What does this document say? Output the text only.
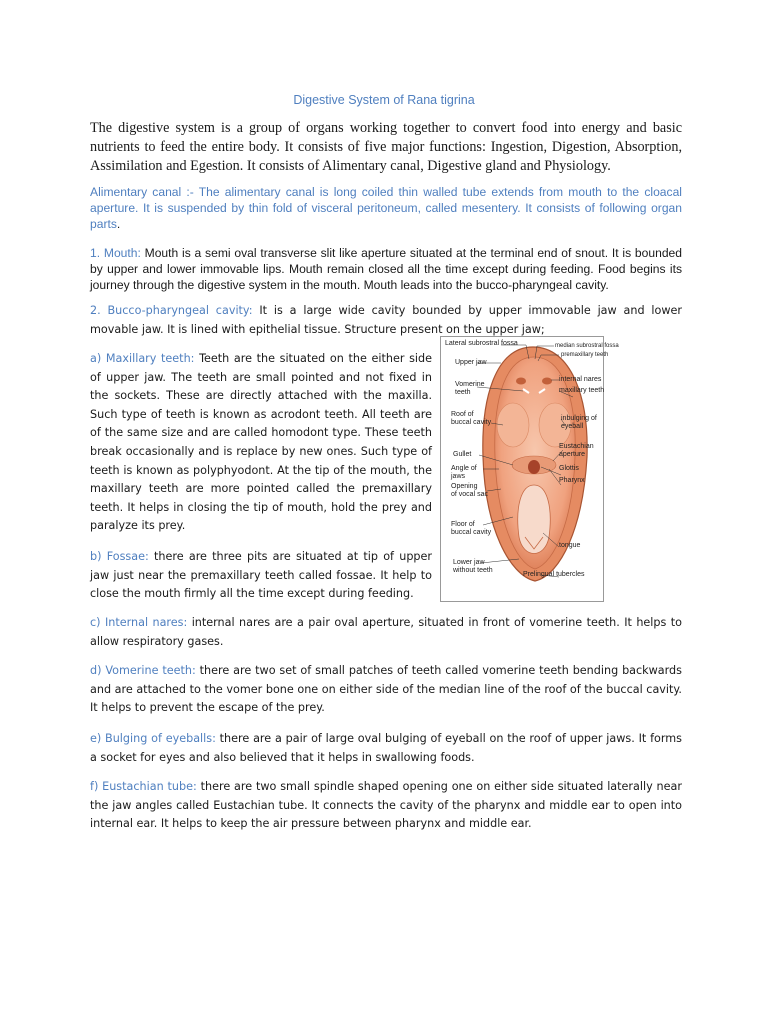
Digestive System of Rana tigrina

The digestive system is a group of organs working together to convert food into energy and basic nutrients to feed the entire body. It consists of five major functions: Ingestion, Digestion, Absorption, Assimilation and Egestion. It consists of Alimentary canal, Digestive gland and Physiology.

Alimentary canal :- The alimentary canal is long coiled thin walled tube extends from mouth to the cloacal aperture. It is suspended by thin fold of visceral peritoneum, called mesentery. It consists of following organ parts.

1. Mouth: Mouth is a semi oval transverse slit like aperture situated at the terminal end of snout. It is bounded by upper and lower immovable lips. Mouth remain closed all the time except during feeding. Food begins its journey through the digestive system in the mouth. Mouth leads into the bucco-pharyngeal cavity.

2. Bucco-pharyngeal cavity: It is a large wide cavity bounded by upper immovable jaw and lower movable jaw. It is lined with epithelial tissue. Structure present on the upper jaw;

a) Maxillary teeth: Teeth are the situated on the either side of upper jaw. The teeth are small pointed and not fixed in the sockets. These are directly attached with the maxilla. Such type of teeth is known as acrodont teeth. All teeth are of the same size and are called homodont type. These teeth break occasionally and is replace by new ones. Such type of teeth is known as polyphyodont. At the tip of the mouth, the maxillary teeth are more pointed called the premaxillary teeth. It helps in closing the tip of mouth, hold the prey and paralyze its prey.

b) Fossae: there are three pits are situated at tip of upper jaw just near the premaxillary teeth called fossae. It help to close the mouth firmly all the time except during feeding.

c) Internal nares: internal nares are a pair oval aperture, situated in front of vomerine teeth. It helps to allow respiratory gases.

d) Vomerine teeth: there are two set of small patches of teeth called vomerine teeth bending backwards and are attached to the vomer bone one on either side of the median line of the roof of the buccal cavity. It helps to prevent the escape of the prey.

e) Bulging of eyeballs: there are a pair of large oval bulging of eyeball on the roof of upper jaws. It forms a socket for eyes and also believed that it helps in swallowing foods.

f) Eustachian tube: there are two small spindle shaped opening one on either side situated laterally near the jaw angles called Eustachian tube. It connects the cavity of the pharynx and middle ear to open into internal ear. It helps to keep the air pressure between pharynx and middle ear.

Lateral subrostral fossa	median subrostral fossa
premaxillary teeth
Upper jaw
internal nares
Vomerine
teeth	maxillary teeth
Roof of
buccal cavity
inbulging of
eyeball
Gullet
Eustachian
aperture
Angle of
jaws
Glottis
Pharynx
Opening
of vocal sac
Floor of
buccal cavity
tongue
Lower jaw
without teeth
Prelingual tubercles
